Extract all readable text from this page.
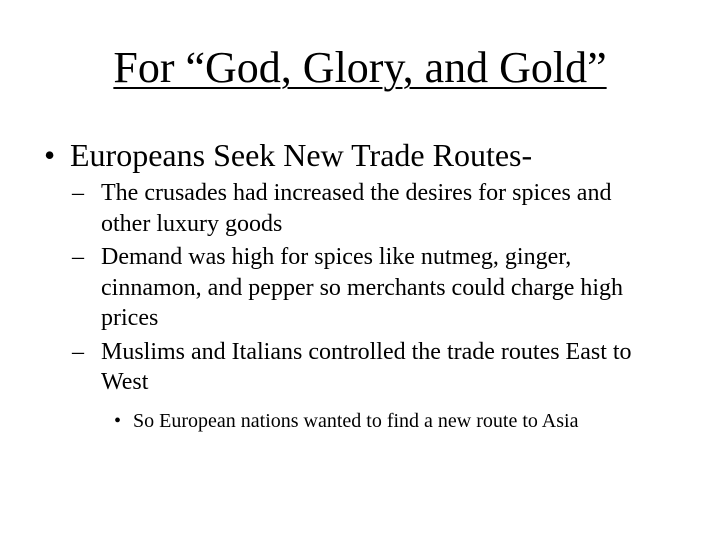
For “God, Glory, and Gold”
• Europeans Seek New Trade Routes-
– The crusades had increased the desires for spices and other luxury goods
– Demand was high for spices like nutmeg, ginger, cinnamon, and pepper so merchants could charge high prices
– Muslims and Italians controlled the trade routes East to West
• So European nations wanted to find a new route to Asia
